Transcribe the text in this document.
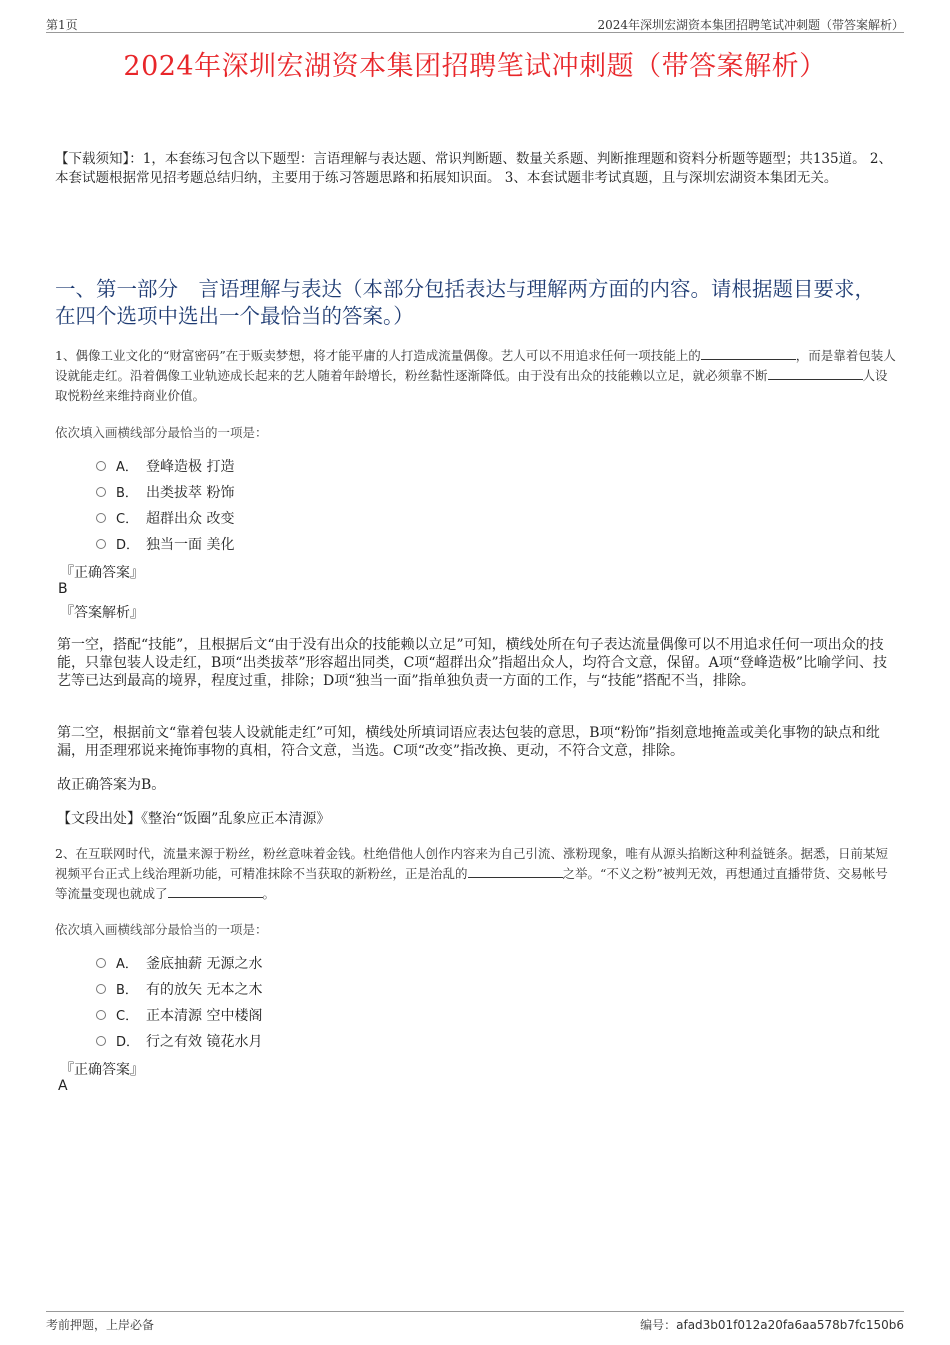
第1页	2024年深圳宏湖资本集团招聘笔试冲刺题（带答案解析）
2024年深圳宏湖资本集团招聘笔试冲刺题（带答案解析）
【下载须知】：1，本套练习包含以下题型：言语理解与表达题、常识判断题、数量关系题、判断推理题和资料分析题等题型；共135道。 2、本套试题根据常见招考题总结归纳，主要用于练习答题思路和拓展知识面。 3、本套试题非考试真题，且与深圳宏湖资本集团无关。
一、第一部分　言语理解与表达（本部分包括表达与理解两方面的内容。请根据题目要求，在四个选项中选出一个最恰当的答案。）
1、偶像工业文化的“财富密码”在于贩卖梦想，将才能平庸的人打造成流量偶像。艺人可以不用追求任何一项技能上的	，而是靠着包装人设就能走红。沿着偶像工业轨迹成长起来的艺人随着年龄增长，粉丝黏性逐渐降低。由于没有出众的技能赖以立足，就必须靠不断	人设取悦粉丝来维持商业价值。
依次填入画横线部分最恰当的一项是：
A． 登峰造极 打造
B． 出类拔萃 粉饰
C． 超群出众 改变
D． 独当一面 美化
『正确答案』
B
『答案解析』
第一空，搭配“技能”，且根据后文“由于没有出众的技能赖以立足”可知，横线处所在句子表达流量偶像可以不用追求任何一项出众的技能，只靠包装人设走红，B项“出类拔萃”形容超出同类，C项“超群出众”指超出众人，均符合文意，保留。A项“登峰造极”比喻学问、技艺等已达到最高的境界，程度过重，排除；D项“独当一面”指单独负责一方面的工作，与“技能”搭配不当，排除。
第二空，根据前文“靠着包装人设就能走红”可知，横线处所填词语应表达包装的意思，B项“粉饰”指刻意地掩盖或美化事物的缺点和纰漏，用歪理邪说来掩饰事物的真相，符合文意，当选。C项“改变”指改换、更动，不符合文意，排除。
故正确答案为B。
【文段出处】《整治“饭圈”乱象应正本清源》
2、在互联网时代，流量来源于粉丝，粉丝意味着金钱。杜绝借他人创作内容来为自己引流、涨粉现象，唯有从源头掐断这种利益链条。据悉，日前某短视频平台正式上线治理新功能，可精准抹除不当获取的新粉丝，正是治乱的	之举。“不义之粉”被判无效，再想通过直播带货、交易帐号等流量变现也就成了	。
依次填入画横线部分最恰当的一项是：
A． 釜底抽薪 无源之水
B． 有的放矢 无本之木
C． 正本清源 空中楼阁
D． 行之有效 镜花水月
『正确答案』
A
考前押题，上岸必备	编号：afad3b01f012a20fa6aa578b7fc150b6
